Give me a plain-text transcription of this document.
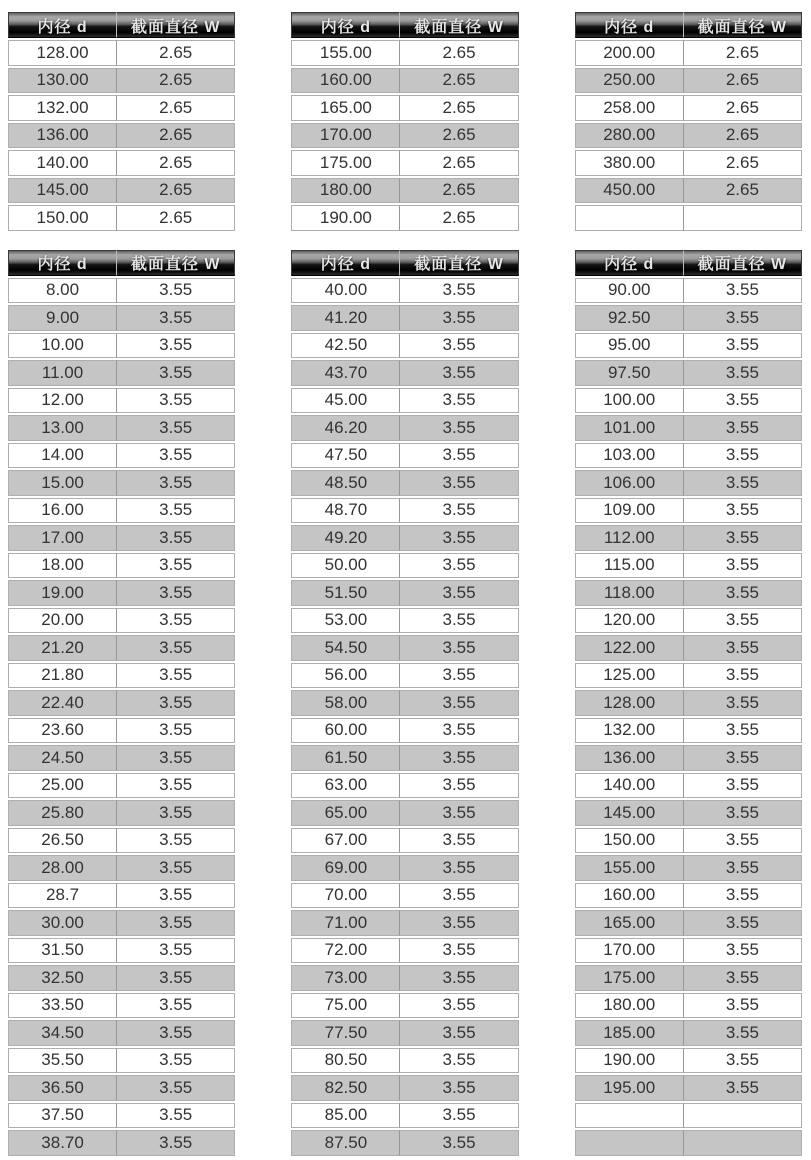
内径 d	截面直径 W
128.00	2.65
130.00	2.65
132.00	2.65
136.00	2.65
140.00	2.65
145.00	2.65
150.00	2.65
内径 d	截面直径 W
155.00	2.65
160.00	2.65
165.00	2.65
170.00	2.65
175.00	2.65
180.00	2.65
190.00	2.65
内径 d	截面直径 W
200.00	2.65
250.00	2.65
258.00	2.65
280.00	2.65
380.00	2.65
450.00	2.65

内径 d	截面直径 W
8.00	3.55
9.00	3.55
10.00	3.55
11.00	3.55
12.00	3.55
13.00	3.55
14.00	3.55
15.00	3.55
16.00	3.55
17.00	3.55
18.00	3.55
19.00	3.55
20.00	3.55
21.20	3.55
21.80	3.55
22.40	3.55
23.60	3.55
24.50	3.55
25.00	3.55
25.80	3.55
26.50	3.55
28.00	3.55
28.7	3.55
30.00	3.55
31.50	3.55
32.50	3.55
33.50	3.55
34.50	3.55
35.50	3.55
36.50	3.55
37.50	3.55
38.70	3.55
内径 d	截面直径 W
40.00	3.55
41.20	3.55
42.50	3.55
43.70	3.55
45.00	3.55
46.20	3.55
47.50	3.55
48.50	3.55
48.70	3.55
49.20	3.55
50.00	3.55
51.50	3.55
53.00	3.55
54.50	3.55
56.00	3.55
58.00	3.55
60.00	3.55
61.50	3.55
63.00	3.55
65.00	3.55
67.00	3.55
69.00	3.55
70.00	3.55
71.00	3.55
72.00	3.55
73.00	3.55
75.00	3.55
77.50	3.55
80.50	3.55
82.50	3.55
85.00	3.55
87.50	3.55
内径 d	截面直径 W
90.00	3.55
92.50	3.55
95.00	3.55
97.50	3.55
100.00	3.55
101.00	3.55
103.00	3.55
106.00	3.55
109.00	3.55
112.00	3.55
115.00	3.55
118.00	3.55
120.00	3.55
122.00	3.55
125.00	3.55
128.00	3.55
132.00	3.55
136.00	3.55
140.00	3.55
145.00	3.55
150.00	3.55
155.00	3.55
160.00	3.55
165.00	3.55
170.00	3.55
175.00	3.55
180.00	3.55
185.00	3.55
190.00	3.55
195.00	3.55
